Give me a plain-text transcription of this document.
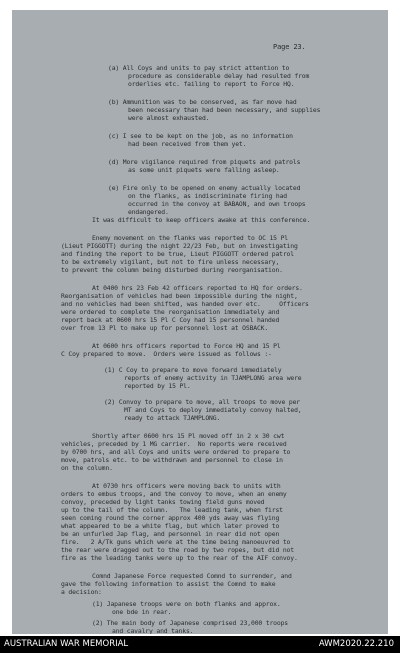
Page 23.
(a) All Coys and units to pay strict attention to
procedure as considerable delay had resulted from
orderlies etc. failing to report to Force HQ.
(b) Ammunition was to be conserved, as far move had
been necessary than had been necessary, and supplies
were almost exhausted.
(c) I see to be kept on the job, as no information
had been received from them yet.
(d) More vigilance required from piquets and patrols
as some unit piquets were falling asleep.
(e) Fire only to be opened on enemy actually located
on the flanks, as indiscriminate firing had
occurred in the convoy at BABAON, and own troops
endangered.
It was difficult to keep officers awake at this conference.
Enemy movement on the flanks was reported to OC 15 Pl
(Lieut PIGGOTT) during the night 22/23 Feb, but on investigating
and finding the report to be true, Lieut PIGGOTT ordered patrol
to be extremely vigilant, but not to fire unless necessary,
to prevent the column being disturbed during reorganisation.
At 0400 hrs 23 Feb 42 officers reported to HQ for orders.
Reorganisation of vehicles had been impossible during the night,
and no vehicles had been shifted, was handed over etc.     Officers
were ordered to complete the reorganisation immediately and
report back at 0600 hrs 15 Pl C Coy had 15 personnel handed
over from 13 Pl to make up for personnel lost at OSBACK.
At 0600 hrs officers reported to Force HQ and 15 Pl
C Coy prepared to move.  Orders were issued as follows :-
(1) C Coy to prepare to move forward immediately
reports of enemy activity in TJAMPLONG area were
reported by 15 Pl.
(2) Convoy to prepare to move, all troops to move per
MT and Coys to deploy immediately convoy halted,
ready to attack TJAMPLONG.
Shortly after 0600 hrs 15 Pl moved off in 2 x 30 cwt
vehicles, preceded by 1 MG carrier.  No reports were received
by 0700 hrs, and all Coys and units were ordered to prepare to
move, patrols etc. to be withdrawn and personnel to close in
on the column.
At 0730 hrs officers were moving back to units with
orders to embus troops, and the convoy to move, when an enemy
convoy, preceded by light tanks towing field guns moved
up to the tail of the column.   The leading tank, when first
seen coming round the corner approx 400 yds away was flying
what appeared to be a white flag, but which later proved to
be an unfurled Jap flag, and personnel in rear did not open
fire.   2 A/Tk guns which were at the time being manoeuvred to
the rear were dragged out to the road by two ropes, but did not
fire as the leading tanks were up to the rear of the AIF convoy.
Comnd Japanese Force requested Comnd to surrender, and
gave the following information to assist the Comnd to make
a decision:
(1) Japanese troops were on both flanks and approx.
one bde in rear.
(2) The main body of Japanese comprised 23,000 troops
and cavalry and tanks.
AUSTRALIAN WAR MEMORIAL	AWM2020.22.210
